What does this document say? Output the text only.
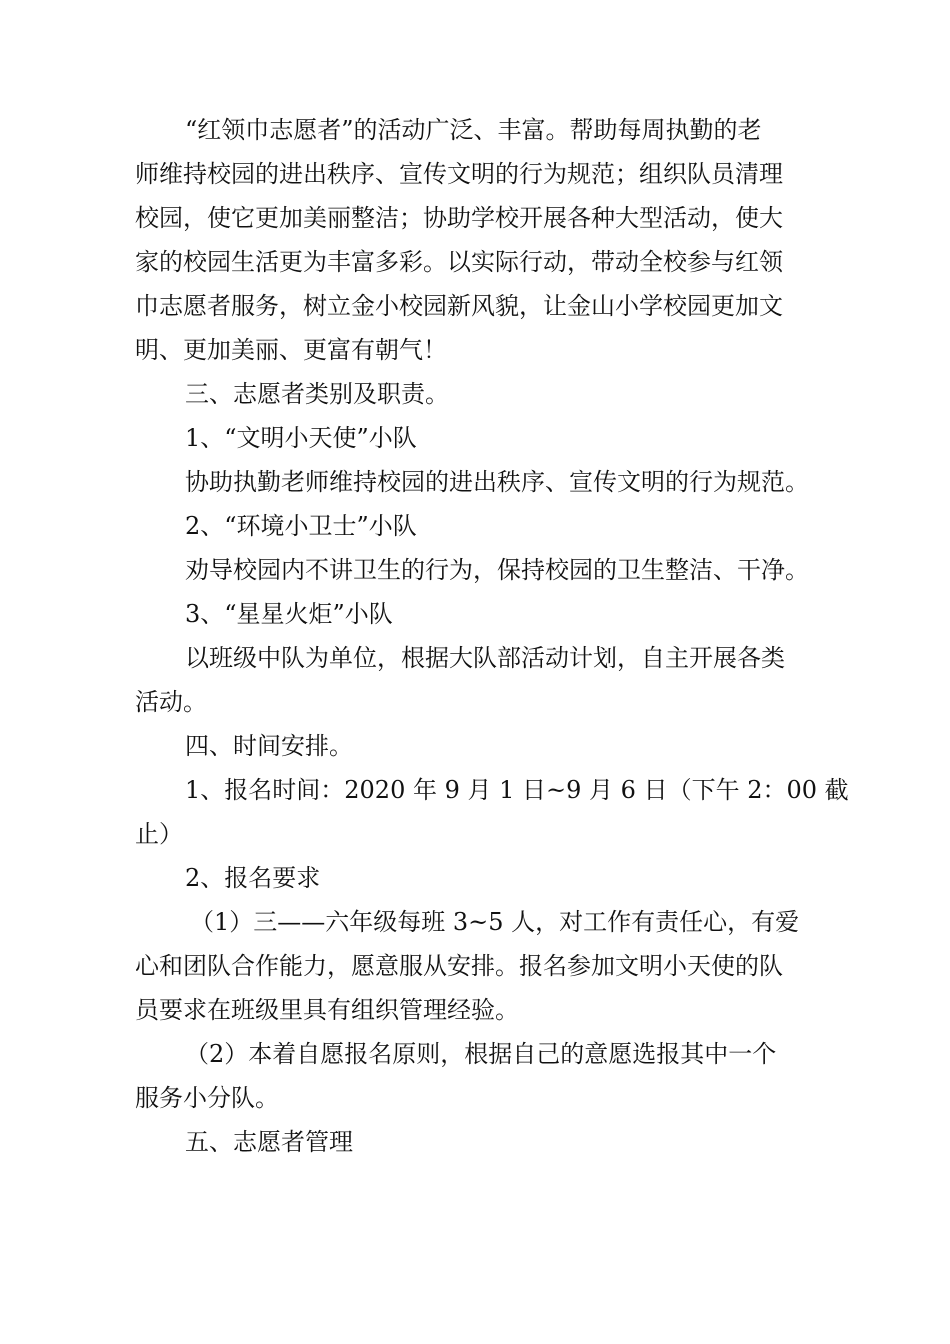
“红领巾志愿者”的活动广泛、丰富。帮助每周执勤的老
师维持校园的进出秩序、宣传文明的行为规范；组织队员清理
校园，使它更加美丽整洁；协助学校开展各种大型活动，使大
家的校园生活更为丰富多彩。以实际行动，带动全校参与红领
巾志愿者服务，树立金小校园新风貌，让金山小学校园更加文
明、更加美丽、更富有朝气！
三、志愿者类别及职责。
1、“文明小天使”小队
协助执勤老师维持校园的进出秩序、宣传文明的行为规范。
2、“环境小卫士”小队
劝导校园内不讲卫生的行为，保持校园的卫生整洁、干净。
3、“星星火炬”小队
以班级中队为单位，根据大队部活动计划，自主开展各类
活动。
四、时间安排。
1、报名时间：2020 年 9 月 1 日~9 月 6 日（下午 2：00 截
止）
2、报名要求
（1）三——六年级每班 3~5 人，对工作有责任心，有爱
心和团队合作能力，愿意服从安排。报名参加文明小天使的队
员要求在班级里具有组织管理经验。
（2）本着自愿报名原则，根据自己的意愿选报其中一个
服务小分队。
五、志愿者管理
